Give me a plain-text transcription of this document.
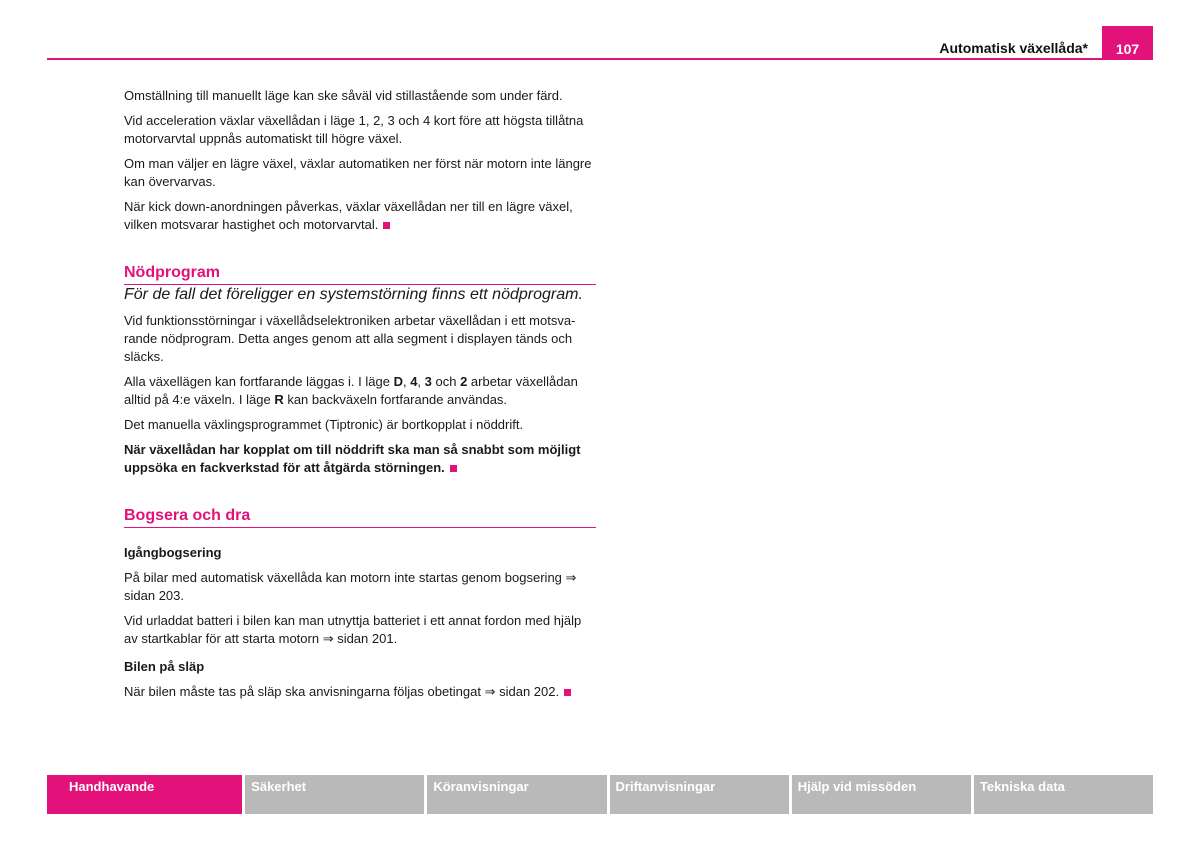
Automatisk växellåda*	107

Omställning till manuellt läge kan ske såväl vid stillastående som under färd.

Vid acceleration växlar växellådan i läge 1, 2, 3 och 4 kort före att högsta tillåtna motorvarvtal uppnås automatiskt till högre växel.

Om man väljer en lägre växel, växlar automatiken ner först när motorn inte längre kan övervarvas.

När kick down-anordningen påverkas, växlar växellådan ner till en lägre växel, vilken motsvarar hastighet och motorvarvtal.

Nödprogram

För de fall det föreligger en systemstörning finns ett nödprogram.

Vid funktionsstörningar i växellådselektroniken arbetar växellådan i ett motsva-rande nödprogram. Detta anges genom att alla segment i displayen tänds och släcks.

Alla växellägen kan fortfarande läggas i. I läge D, 4, 3 och 2 arbetar växellådan alltid på 4:e växeln. I läge R kan backväxeln fortfarande användas.

Det manuella växlingsprogrammet (Tiptronic) är bortkopplat i nöddrift.

När växellådan har kopplat om till nöddrift ska man så snabbt som möjligt uppsöka en fackverkstad för att åtgärda störningen.

Bogsera och dra

Igångbogsering

På bilar med automatisk växellåda kan motorn inte startas genom bogsering ⇒ sidan 203.

Vid urladdat batteri i bilen kan man utnyttja batteriet i ett annat fordon med hjälp av startkablar för att starta motorn ⇒ sidan 201.

Bilen på släp

När bilen måste tas på släp ska anvisningarna följas obetingat ⇒ sidan 202.

Handhavande	Säkerhet	Köranvisningar	Driftanvisningar	Hjälp vid missöden	Tekniska data
